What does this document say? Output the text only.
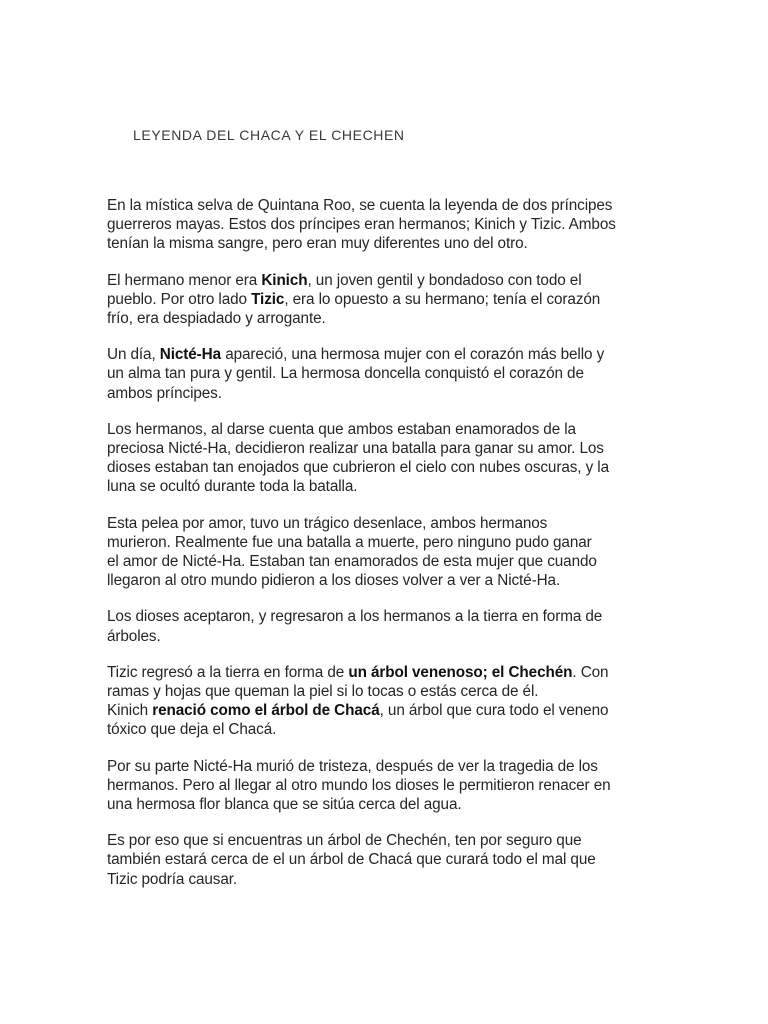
LEYENDA DEL CHACA Y EL CHECHEN

En la mística selva de Quintana Roo, se cuenta la leyenda de dos príncipes
guerreros mayas. Estos dos príncipes eran hermanos; Kinich y Tizic. Ambos
tenían la misma sangre, pero eran muy diferentes uno del otro.

El hermano menor era Kinich, un joven gentil y bondadoso con todo el
pueblo. Por otro lado Tizic, era lo opuesto a su hermano; tenía el corazón
frío, era despiadado y arrogante.

Un día, Nicté-Ha apareció, una hermosa mujer con el corazón más bello y
un alma tan pura y gentil. La hermosa doncella conquistó el corazón de
ambos príncipes.

Los hermanos, al darse cuenta que ambos estaban enamorados de la
preciosa Nicté-Ha, decidieron realizar una batalla para ganar su amor. Los
dioses estaban tan enojados que cubrieron el cielo con nubes oscuras, y la
luna se ocultó durante toda la batalla.

Esta pelea por amor, tuvo un trágico desenlace, ambos hermanos
murieron. Realmente fue una batalla a muerte, pero ninguno pudo ganar
el amor de Nicté-Ha. Estaban tan enamorados de esta mujer que cuando
llegaron al otro mundo pidieron a los dioses volver a ver a Nicté-Ha.

Los dioses aceptaron, y regresaron a los hermanos a la tierra en forma de
árboles.

Tizic regresó a la tierra en forma de un árbol venenoso; el Chechén. Con
ramas y hojas que queman la piel si lo tocas o estás cerca de él.
Kinich renació como el árbol de Chacá, un árbol que cura todo el veneno
tóxico que deja el Chacá.

Por su parte Nicté-Ha murió de tristeza, después de ver la tragedia de los
hermanos. Pero al llegar al otro mundo los dioses le permitieron renacer en
una hermosa flor blanca que se sitúa cerca del agua.

Es por eso que si encuentras un árbol de Chechén, ten por seguro que
también estará cerca de el un árbol de Chacá que curará todo el mal que
Tizic podría causar.
